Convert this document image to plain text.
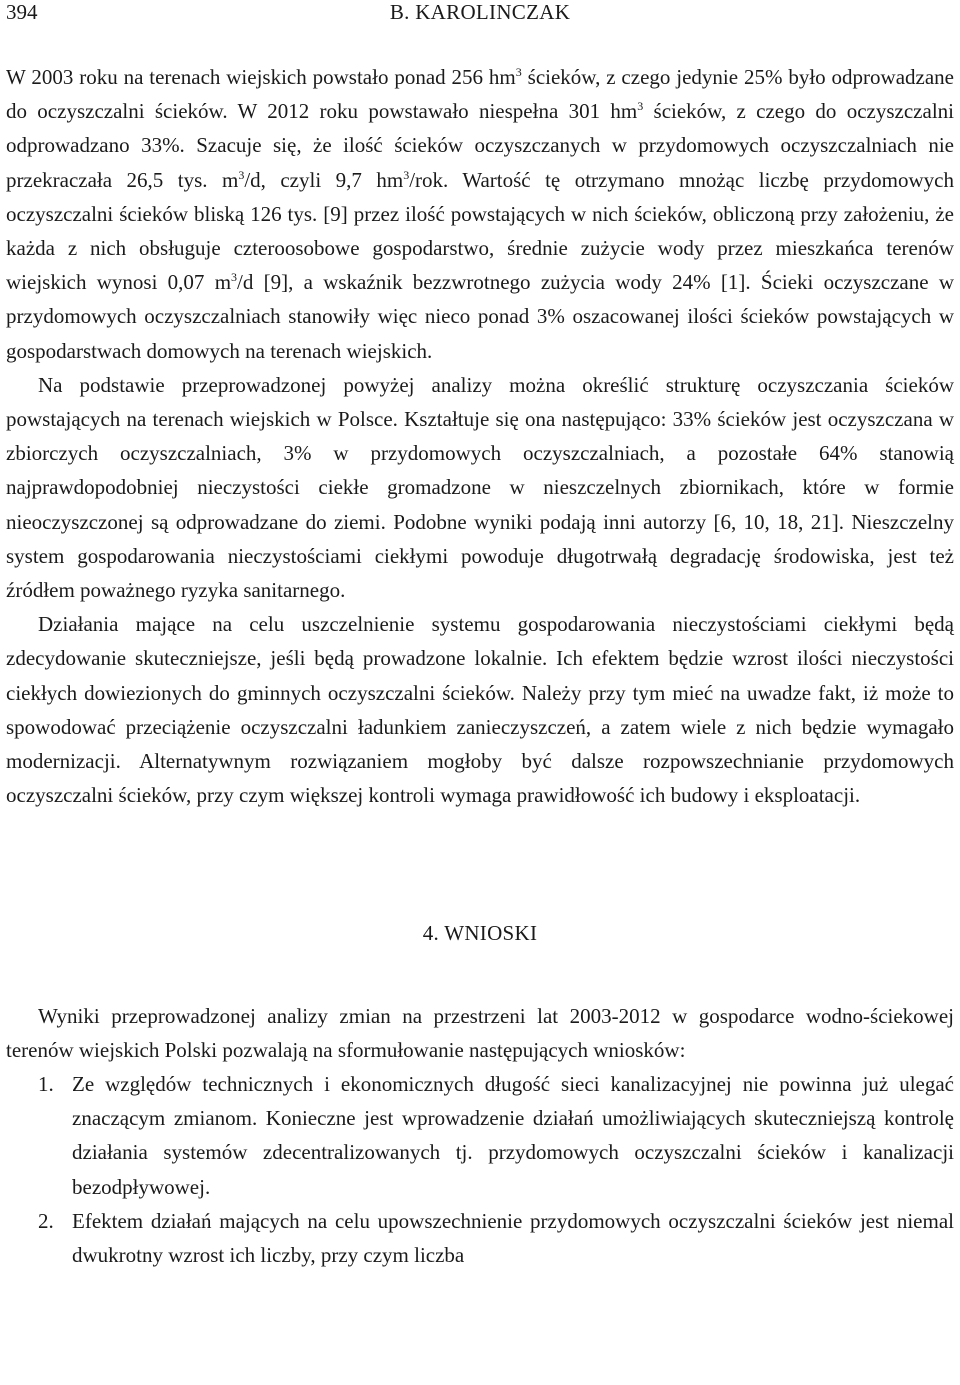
394	B. KAROLINCZAK

W 2003 roku na terenach wiejskich powstało ponad 256 $hm^3$ ścieków, z czego jedynie 25% było odprowadzane do oczyszczalni ścieków. W 2012 roku powstawało niespełna 301 $hm^3$ ścieków, z czego do oczyszczalni odprowadzano 33%. Szacuje się, że ilość ścieków oczyszczanych w przydomowych oczyszczalniach nie przekraczała 26,5 tys. $m^3/d$, czyli 9,7 $hm^3$/rok. Wartość tę otrzymano mnożąc liczbę przydomowych oczyszczalni ścieków bliską 126 tys. [9] przez ilość powstających w nich ścieków, obliczoną przy założeniu, że każda z nich obsługuje czteroosobowe gospodarstwo, średnie zużycie wody przez mieszkańca terenów wiejskich wynosi 0,07 $m^3/d$ [9], a wskaźnik bezzwrotnego zużycia wody 24% [1]. Ścieki oczyszczane w przydomowych oczyszczalniach stanowiły więc nieco ponad 3% oszacowanej ilości ścieków powstających w gospodarstwach domowych na terenach wiejskich.

Na podstawie przeprowadzonej powyżej analizy można określić strukturę oczyszczania ścieków powstających na terenach wiejskich w Polsce. Kształtuje się ona następująco: 33% ścieków jest oczyszczana w zbiorczych oczyszczalniach, 3% w przydomowych oczyszczalniach, a pozostałe 64% stanowią najprawdopodobniej nieczystości ciekłe gromadzone w nieszczelnych zbiornikach, które w formie nieoczyszczonej są odprowadzane do ziemi. Podobne wyniki podają inni autorzy [6, 10, 18, 21]. Nieszczelny system gospodarowania nieczystościami ciekłymi powoduje długotrwałą degradację środowiska, jest też źródłem poważnego ryzyka sanitarnego.

Działania mające na celu uszczelnienie systemu gospodarowania nieczystościami ciekłymi będą zdecydowanie skuteczniejsze, jeśli będą prowadzone lokalnie. Ich efektem będzie wzrost ilości nieczystości ciekłych dowiezionych do gminnych oczyszczalni ścieków. Należy przy tym mieć na uwadze fakt, iż może to spowodować przeciążenie oczyszczalni ładunkiem zanieczyszczeń, a zatem wiele z nich będzie wymagało modernizacji. Alternatywnym rozwiązaniem mogłoby być dalsze rozpowszechnianie przydomowych oczyszczalni ścieków, przy czym większej kontroli wymaga prawidłowość ich budowy i eksploatacji.

4. WNIOSKI

Wyniki przeprowadzonej analizy zmian na przestrzeni lat 2003-2012 w gospodarce wodno-ściekowej terenów wiejskich Polski pozwalają na sformułowanie następujących wniosków:

1. Ze względów technicznych i ekonomicznych długość sieci kanalizacyjnej nie powinna już ulegać znaczącym zmianom. Konieczne jest wprowadzenie działań umożliwiających skuteczniejszą kontrolę działania systemów zdecentralizowanych tj. przydomowych oczyszczalni ścieków i kanalizacji bezodpływowej.
2. Efektem działań mających na celu upowszechnienie przydomowych oczyszczalni ścieków jest niemal dwukrotny wzrost ich liczby, przy czym liczba
